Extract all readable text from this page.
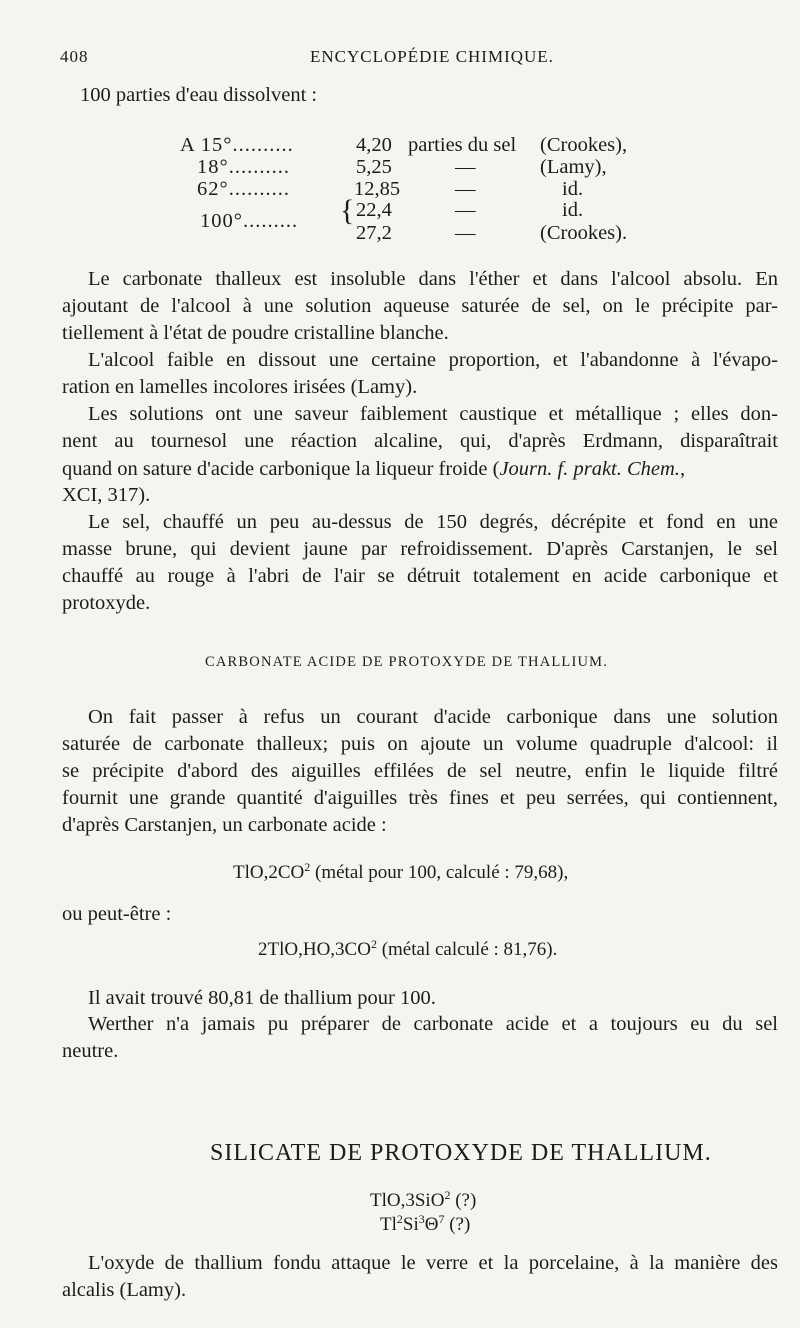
408	ENCYCLOPÉDIE CHIMIQUE.
100 parties d'eau dissolvent :
A 15°..........	4,20 parties du sel (Crookes),
18°..........	5,25	—	(Lamy),
62°..........	12,85	—	id.
100°......... { 22,4	—	id.
27,2	—	(Crookes).
Le carbonate thalleux est insoluble dans l'éther et dans l'alcool absolu. En
ajoutant de l'alcool à une solution aqueuse saturée de sel, on le précipite par-
tiellement à l'état de poudre cristalline blanche.
L'alcool faible en dissout une certaine proportion, et l'abandonne à l'évapo-
ration en lamelles incolores irisées (Lamy).
Les solutions ont une saveur faiblement caustique et métallique ; elles don-
nent au tournesol une réaction alcaline, qui, d'après Erdmann, disparaîtrait
quand on sature d'acide carbonique la liqueur froide (Journ. f. prakt. Chem.,
XCI, 317).
Le sel, chauffé un peu au-dessus de 150 degrés, décrépite et fond en une
masse brune, qui devient jaune par refroidissement. D'après Carstanjen, le sel
chauffé au rouge à l'abri de l'air se détruit totalement en acide carbonique et
protoxyde.
CARBONATE ACIDE DE PROTOXYDE DE THALLIUM.
On fait passer à refus un courant d'acide carbonique dans une solution
saturée de carbonate thalleux; puis on ajoute un volume quadruple d'alcool: il
se précipite d'abord des aiguilles effilées de sel neutre, enfin le liquide filtré
fournit une grande quantité d'aiguilles très fines et peu serrées, qui contiennent,
d'après Carstanjen, un carbonate acide :
$TlO,2CO^2$ (métal pour 100, calculé : 79,68),
ou peut-être :
$2TlO,HO,3CO^2$ (métal calculé : 81,76).
Il avait trouvé 80,81 de thallium pour 100.
Werther n'a jamais pu préparer de carbonate acide et a toujours eu du sel
neutre.
SILICATE DE PROTOXYDE DE THALLIUM.
TlO,3SiO$^2$ (?)
$Tl^2Si^3\Theta^7$ (?)
L'oxyde de thallium fondu attaque le verre et la porcelaine, à la manière des
alcalis (Lamy).
